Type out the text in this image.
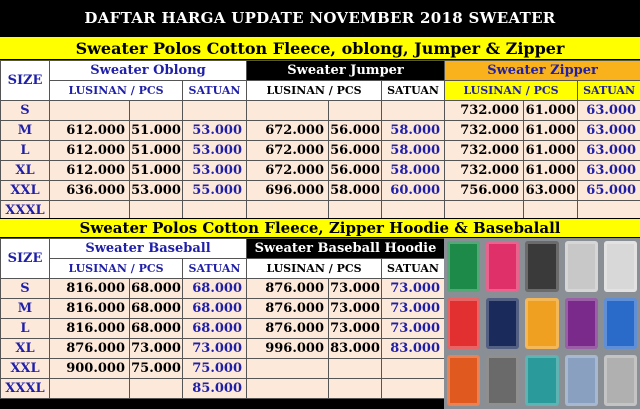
DAFTAR HARGA UPDATE NOVEMBER 2018 SWEATER
Sweater Polos Cotton Fleece, oblong, Jumper & Zipper
SIZE	Sweater Oblong			Sweater Jumper			Sweater Zipper		
	LUSINAN / PCS		SATUAN	LUSINAN / PCS		SATUAN	LUSINAN / PCS		SATUAN
S							732.000	61.000	63.000
M	612.000	51.000	53.000	672.000	56.000	58.000	732.000	61.000	63.000
L	612.000	51.000	53.000	672.000	56.000	58.000	732.000	61.000	63.000
XL	612.000	51.000	53.000	672.000	56.000	58.000	732.000	61.000	63.000
XXL	636.000	53.000	55.000	696.000	58.000	60.000	756.000	63.000	65.000
XXXL									
Sweater Polos Cotton Fleece, Zipper Hoodie & Basebalall
SIZE	Sweater Baseball			Sweater Baseball Hoodie		
	LUSINAN / PCS		SATUAN	LUSINAN / PCS		SATUAN
S	816.000	68.000	68.000	876.000	73.000	73.000
M	816.000	68.000	68.000	876.000	73.000	73.000
L	816.000	68.000	68.000	876.000	73.000	73.000
XL	876.000	73.000	73.000	996.000	83.000	83.000
XXL	900.000	75.000	75.000			
XXXL			85.000			
